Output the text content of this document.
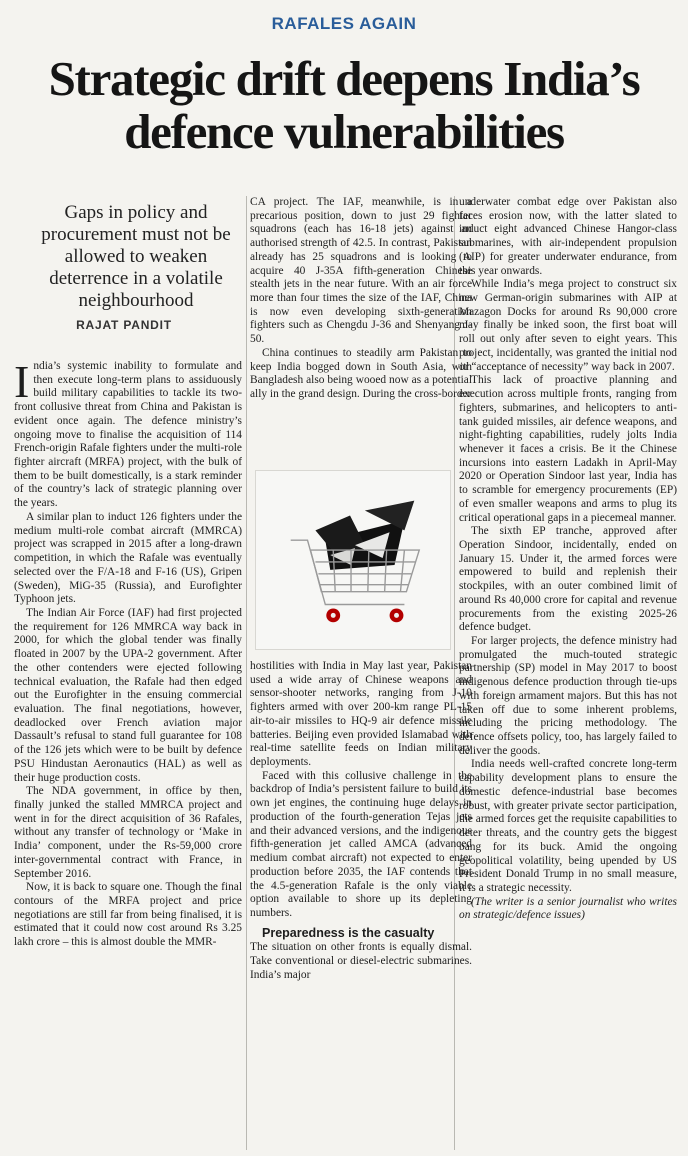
RAFALES AGAIN
Strategic drift deepens India’s defence vulnerabilities
Gaps in policy and procurement must not be allowed to weaken deterrence in a volatile neighbourhood
RAJAT PANDIT

India’s systemic inability to formulate and then execute long-term plans to assiduously build military capabilities to tackle its two-front collusive threat from China and Pakistan is evident once again. The defence ministry’s ongoing move to finalise the acquisition of 114 French-origin Rafale fighters under the multi-role fighter aircraft (MRFA) project, with the bulk of them to be built domestically, is a stark reminder of the country’s lack of strategic planning over the years.

A similar plan to induct 126 fighters under the medium multi-role combat aircraft (MMRCA) project was scrapped in 2015 after a long-drawn competition, in which the Rafale was eventually selected over the F/A-18 and F-16 (US), Gripen (Sweden), MiG-35 (Russia), and Eurofighter Typhoon jets.

The Indian Air Force (IAF) had first projected the requirement for 126 MMRCA way back in 2000, for which the global tender was finally floated in 2007 by the UPA-2 government. After the other contenders were ejected following technical evaluation, the Rafale had then edged out the Eurofighter in the ensuing commercial evaluation. The final negotiations, however, deadlocked over French aviation major Dassault’s refusal to stand full guarantee for 108 of the 126 jets which were to be built by defence PSU Hindustan Aeronautics (HAL) as well as their huge production costs.

The NDA government, in office by then, finally junked the stalled MMRCA project and went in for the direct acquisition of 36 Rafales, without any transfer of technology or ‘Make in India’ component, under the Rs-59,000 crore inter-governmental contract with France, in September 2016.

Now, it is back to square one. Though the final contours of the MRFA project and price negotiations are still far from being finalised, it is estimated that it could now cost around Rs 3.25 lakh crore – this is almost double the MMR-

CA project. The IAF, meanwhile, is in a precarious position, down to just 29 fighter squadrons (each has 16-18 jets) against an authorised strength of 42.5. In contrast, Pakistan already has 25 squadrons and is looking to acquire 40 J-35A fifth-generation Chinese stealth jets in the near future. With an air force more than four times the size of the IAF, China is now even developing sixth-generation fighters such as Chengdu J-36 and Shenyang J-50.

China continues to steadily arm Pakistan to keep India bogged down in South Asia, with Bangladesh also being wooed now as a potential ally in the grand design. During the cross-border

hostilities with India in May last year, Pakistan used a wide array of Chinese weapons and sensor-shooter networks, ranging from J-10 fighters armed with over 200-km range PL-15 air-to-air missiles to HQ-9 air defence missile batteries. Beijing even provided Islamabad with real-time satellite feeds on Indian military deployments.

Faced with this collusive challenge in the backdrop of India’s persistent failure to build its own jet engines, the continuing huge delays in production of the fourth-generation Tejas jets and their advanced versions, and the indigenous fifth-generation jet called AMCA (advanced medium combat aircraft) not expected to enter production before 2035, the IAF contends that the 4.5-generation Rafale is the only viable option available to shore up its depleting numbers.

Preparedness is the casualty

The situation on other fronts is equally dismal. Take conventional or diesel-electric submarines. India’s major

underwater combat edge over Pakistan also faces erosion now, with the latter slated to induct eight advanced Chinese Hangor-class submarines, with air-independent propulsion (AIP) for greater underwater endurance, from this year onwards.

While India’s mega project to construct six new German-origin submarines with AIP at Mazagon Docks for around Rs 90,000 crore may finally be inked soon, the first boat will roll out only after seven to eight years. This project, incidentally, was granted the initial nod or “acceptance of necessity” way back in 2007.

This lack of proactive planning and execution across multiple fronts, ranging from fighters, submarines, and helicopters to anti-tank guided missiles, air defence weapons, and night-fighting capabilities, rudely jolts India whenever it faces a crisis. Be it the Chinese incursions into eastern Ladakh in April-May 2020 or Operation Sindoor last year, India has to scramble for emergency procurements (EP) of even smaller weapons and arms to plug its critical operational gaps in a piecemeal manner.

The sixth EP tranche, approved after Operation Sindoor, incidentally, ended on January 15. Under it, the armed forces were empowered to build and replenish their stockpiles, with an outer combined limit of around Rs 40,000 crore for capital and revenue procurements from the existing 2025-26 defence budget.

For larger projects, the defence ministry had promulgated the much-touted strategic partnership (SP) model in May 2017 to boost indigenous defence production through tie-ups with foreign armament majors. But this has not taken off due to some inherent problems, including the pricing methodology. The defence offsets policy, too, has largely failed to deliver the goods.

India needs well-crafted concrete long-term capability development plans to ensure the domestic defence-industrial base becomes robust, with greater private sector participation, the armed forces get the requisite capabilities to deter threats, and the country gets the biggest bang for its buck. Amid the ongoing geopolitical volatility, being upended by US President Donald Trump in no small measure, it is a strategic necessity.

(The writer is a senior journalist who writes on strategic/defence issues)
